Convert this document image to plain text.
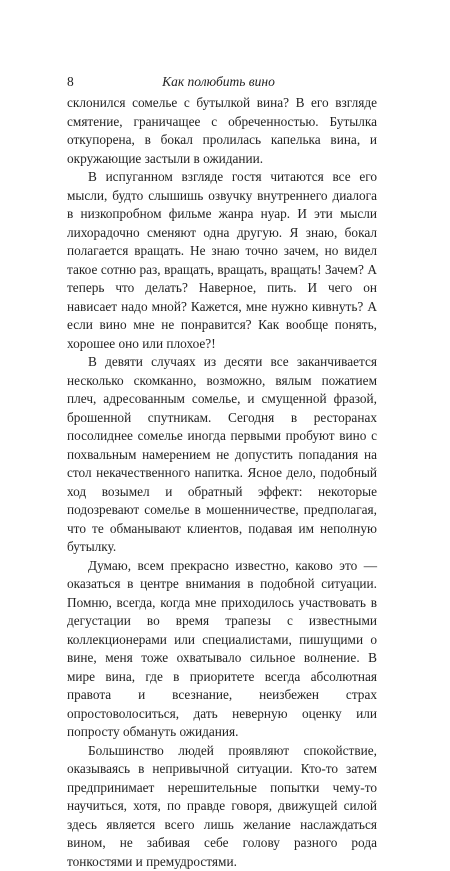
8	Как полюбить вино

склонился сомелье с бутылкой вина? В его взгляде смятение, граничащее с обреченностью. Бутылка откупорена, в бокал пролилась капелька вина, и окружающие застыли в ожидании.

В испуганном взгляде гостя читаются все его мысли, будто слышишь озвучку внутреннего диалога в низкопробном фильме жанра нуар. И эти мысли лихорадочно сменяют одна другую. Я знаю, бокал полагается вращать. Не знаю точно зачем, но видел такое сотню раз, вращать, вращать, вращать! Зачем? А теперь что делать? Наверное, пить. И чего он нависает надо мной? Кажется, мне нужно кивнуть? А если вино мне не понравится? Как вообще понять, хорошее оно или плохое?!

В девяти случаях из десяти все заканчивается несколько скомканно, возможно, вялым пожатием плеч, адресованным сомелье, и смущенной фразой, брошенной спутникам. Сегодня в ресторанах посолиднее сомелье иногда первыми пробуют вино с похвальным намерением не допустить попадания на стол некачественного напитка. Ясное дело, подобный ход возымел и обратный эффект: некоторые подозревают сомелье в мошенничестве, предполагая, что те обманывают клиентов, подавая им неполную бутылку.

Думаю, всем прекрасно известно, каково это — оказаться в центре внимания в подобной ситуации. Помню, всегда, когда мне приходилось участвовать в дегустации во время трапезы с известными коллекционерами или специалистами, пишущими о вине, меня тоже охватывало сильное волнение. В мире вина, где в приоритете всегда абсолютная правота и всезнание, неизбежен страх опростоволоситься, дать неверную оценку или попросту обмануть ожидания.

Большинство людей проявляют спокойствие, оказываясь в непривычной ситуации. Кто-то затем предпринимает нерешительные попытки чему-то научиться, хотя, по правде говоря, движущей силой здесь является всего лишь желание наслаждаться вином, не забивая себе голову разного рода тонкостями и премудростями.
